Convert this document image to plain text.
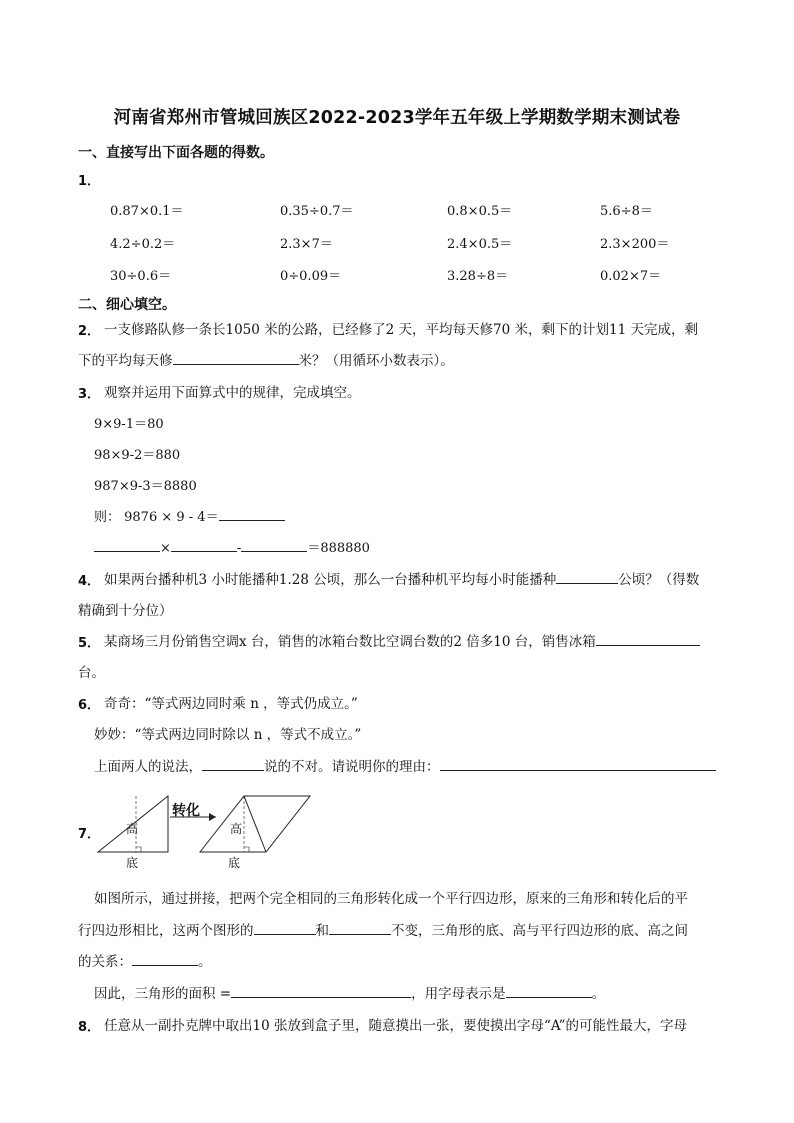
河南省郑州市管城回族区2022-2023学年五年级上学期数学期末测试卷
一、直接写出下面各题的得数。
1．
0.87×0.1＝	0.35÷0.7＝	0.8×0.5＝	5.6÷8＝
4.2÷0.2＝	2.3×7＝	2.4×0.5＝	2.3×200＝
30÷0.6＝	0÷0.09＝	3.28÷8＝	0.02×7＝
二、细心填空。
2． 一支修路队修一条长1050 米的公路，已经修了2 天，平均每天修70 米，剩下的计划11 天完成，剩
下的平均每天修	米？（用循环小数表示）。
3． 观察并运用下面算式中的规律，完成填空。
9×9-1＝80
98×9-2＝880
987×9-3＝8880
则： 9876 × 9 - 4＝
×	-	＝888880
4． 如果两台播种机3 小时能播种1.28 公顷，那么一台播种机平均每小时能播种	公顷？（得数
精确到十分位）
5． 某商场三月份销售空调x 台，销售的冰箱台数比空调台数的2 倍多10 台，销售冰箱
台。
6． 奇奇：“等式两边同时乘 n ，等式仍成立。”
妙妙：“等式两边同时除以 n ，等式不成立。”
上面两人的说法，	说的不对。请说明你的理由：
7．
转化
高
底
高
底
如图所示，通过拼接，把两个完全相同的三角形转化成一个平行四边形，原来的三角形和转化后的平
行四边形相比，这两个图形的	和	不变，三角形的底、高与平行四边形的底、高之间
的关系：	。
因此，三角形的面积 =	，用字母表示是	。
8． 任意从一副扑克牌中取出10 张放到盒子里，随意摸出一张，要使摸出字母“A”的可能性最大，字母
